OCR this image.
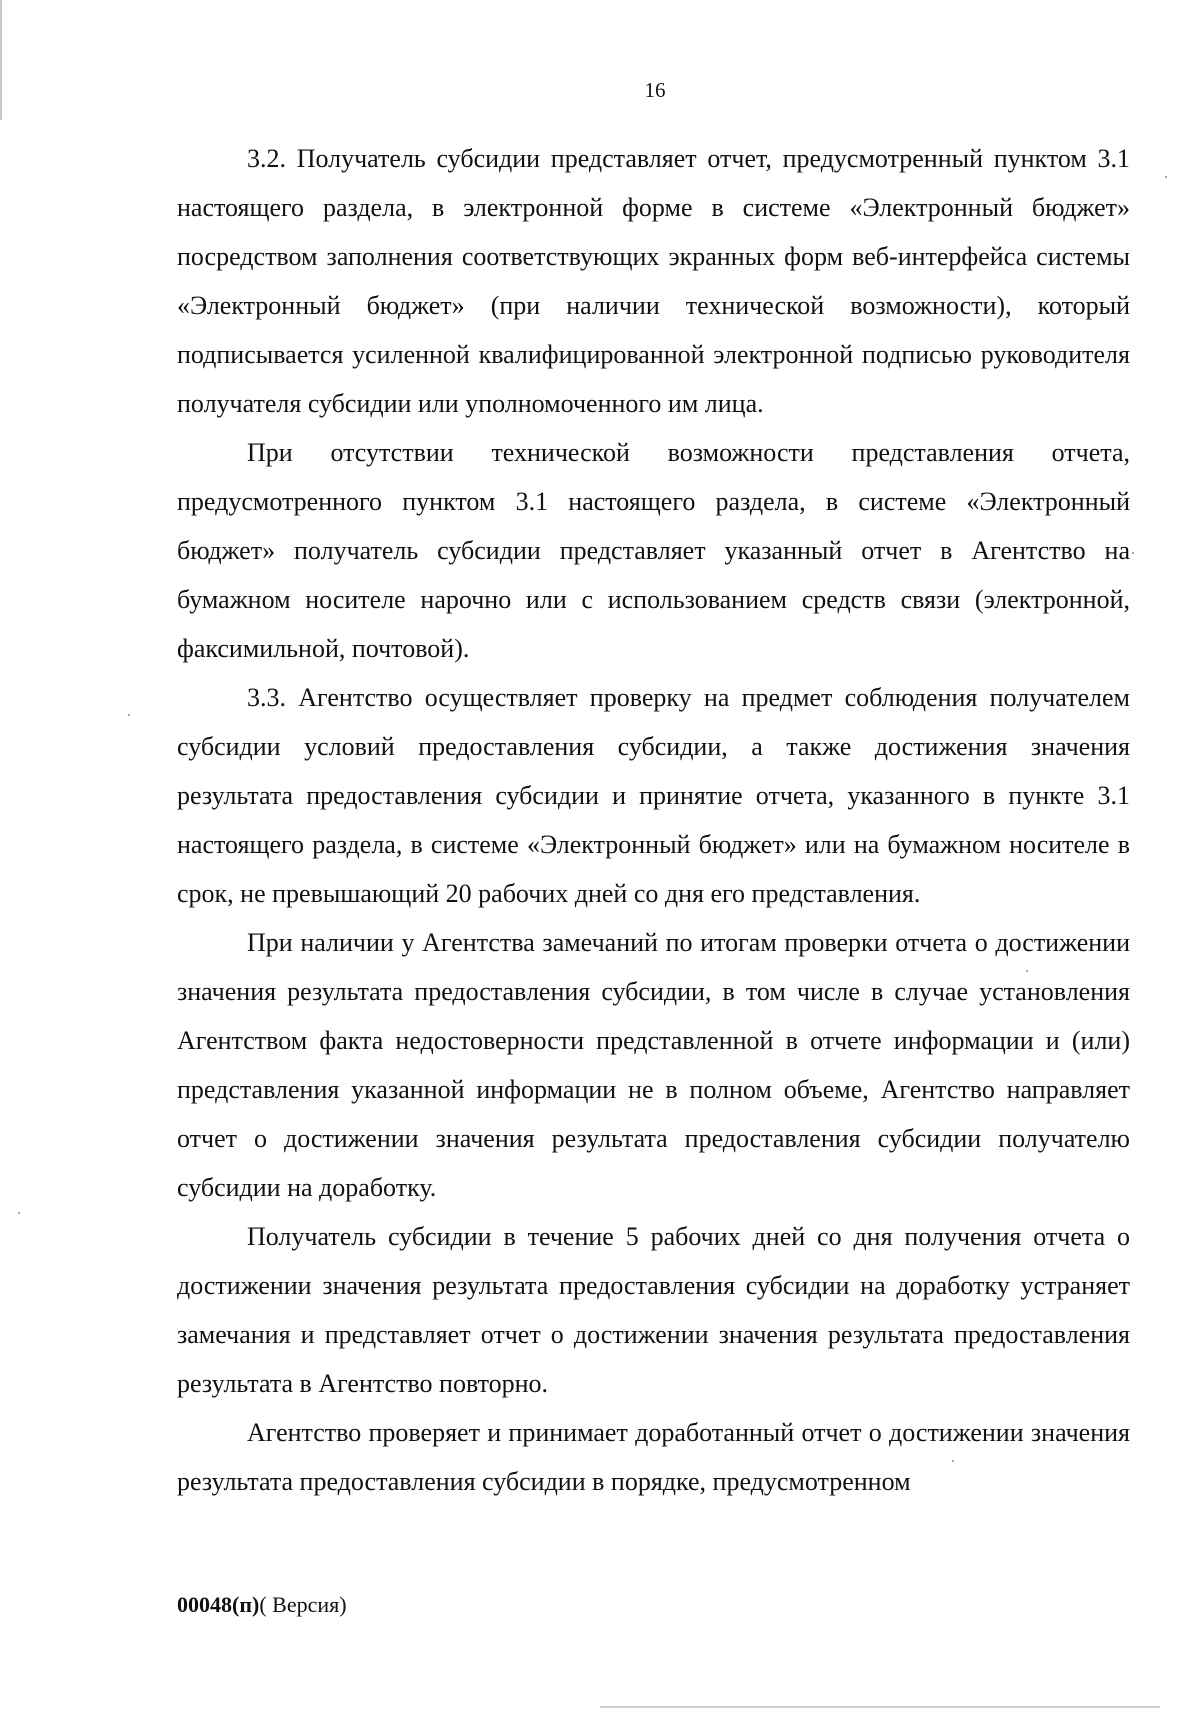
16

3.2. Получатель субсидии представляет отчет, предусмотренный пунктом 3.1 настоящего раздела, в электронной форме в системе «Электронный бюджет» посредством заполнения соответствующих экранных форм веб-интерфейса системы «Электронный бюджет» (при наличии технической возможности), который подписывается усиленной квалифицированной электронной подписью руководителя получателя субсидии или уполномоченного им лица.

При отсутствии технической возможности представления отчета, предусмотренного пунктом 3.1 настоящего раздела, в системе «Электронный бюджет» получатель субсидии представляет указанный отчет в Агентство на бумажном носителе нарочно или с использованием средств связи (электронной, факсимильной, почтовой).

3.3. Агентство осуществляет проверку на предмет соблюдения получателем субсидии условий предоставления субсидии, а также достижения значения результата предоставления субсидии и принятие отчета, указанного в пункте 3.1 настоящего раздела, в системе «Электронный бюджет» или на бумажном носителе в срок, не превышающий 20 рабочих дней со дня его представления.

При наличии у Агентства замечаний по итогам проверки отчета о достижении значения результата предоставления субсидии, в том числе в случае установления Агентством факта недостоверности представленной в отчете информации и (или) представления указанной информации не в полном объеме, Агентство направляет отчет о достижении значения результата предоставления субсидии получателю субсидии на доработку.

Получатель субсидии в течение 5 рабочих дней со дня получения отчета о достижении значения результата предоставления субсидии на доработку устраняет замечания и представляет отчет о достижении значения результата предоставления результата в Агентство повторно.

Агентство проверяет и принимает доработанный отчет о достижении значения результата предоставления субсидии в порядке, предусмотренном

00048(п)( Версия)
